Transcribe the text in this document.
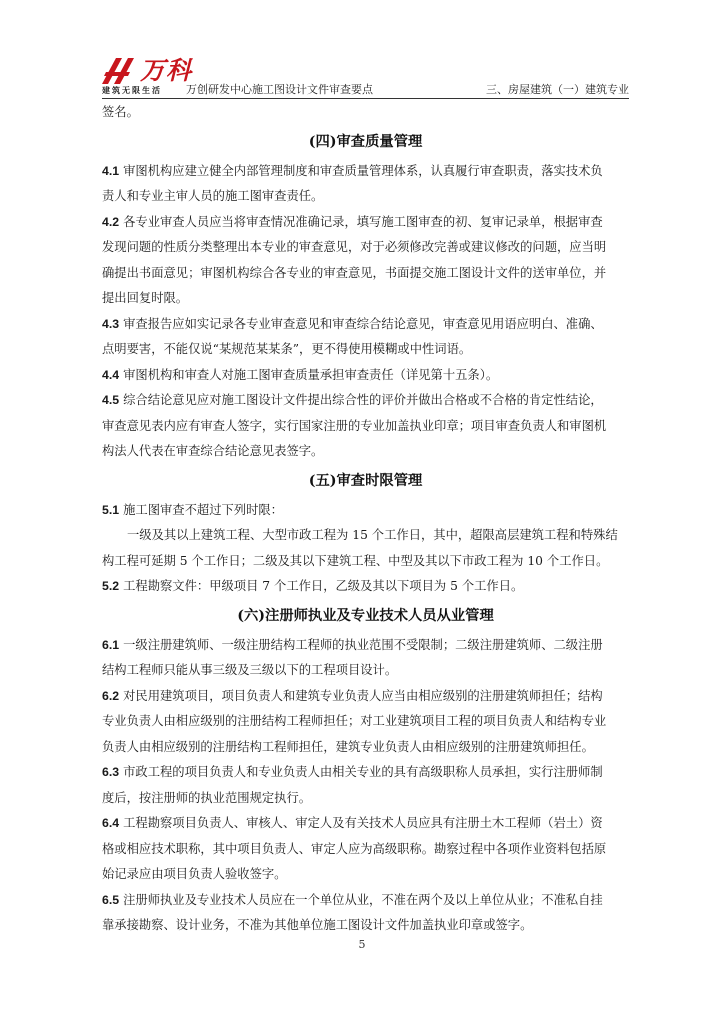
万科
建筑无限生活 万创研发中心施工图设计文件审查要点	三、房屋建筑（一）建筑专业
签名。
(四)审查质量管理
4.1 审图机构应建立健全内部管理制度和审查质量管理体系，认真履行审查职责，落实技术负
责人和专业主审人员的施工图审查责任。
4.2 各专业审查人员应当将审查情况准确记录，填写施工图审查的初、复审记录单，根据审查
发现问题的性质分类整理出本专业的审查意见，对于必须修改完善或建议修改的问题，应当明
确提出书面意见；审图机构综合各专业的审查意见，书面提交施工图设计文件的送审单位，并
提出回复时限。
4.3 审查报告应如实记录各专业审查意见和审查综合结论意见，审查意见用语应明白、准确、
点明要害，不能仅说“某规范某某条”，更不得使用模糊或中性词语。
4.4 审图机构和审查人对施工图审查质量承担审查责任（详见第十五条）。
4.5 综合结论意见应对施工图设计文件提出综合性的评价并做出合格或不合格的肯定性结论，
审查意见表内应有审查人签字，实行国家注册的专业加盖执业印章；项目审查负责人和审图机
构法人代表在审查综合结论意见表签字。
(五)审查时限管理
5.1 施工图审查不超过下列时限：
一级及其以上建筑工程、大型市政工程为 15 个工作日，其中，超限高层建筑工程和特殊结
构工程可延期 5 个工作日；二级及其以下建筑工程、中型及其以下市政工程为 10 个工作日。
5.2 工程勘察文件：甲级项目 7 个工作日，乙级及其以下项目为 5 个工作日。
(六)注册师执业及专业技术人员从业管理
6.1 一级注册建筑师、一级注册结构工程师的执业范围不受限制；二级注册建筑师、二级注册
结构工程师只能从事三级及三级以下的工程项目设计。
6.2 对民用建筑项目，项目负责人和建筑专业负责人应当由相应级别的注册建筑师担任；结构
专业负责人由相应级别的注册结构工程师担任；对工业建筑项目工程的项目负责人和结构专业
负责人由相应级别的注册结构工程师担任，建筑专业负责人由相应级别的注册建筑师担任。
6.3 市政工程的项目负责人和专业负责人由相关专业的具有高级职称人员承担，实行注册师制
度后，按注册师的执业范围规定执行。
6.4 工程勘察项目负责人、审核人、审定人及有关技术人员应具有注册土木工程师（岩土）资
格或相应技术职称，其中项目负责人、审定人应为高级职称。勘察过程中各项作业资料包括原
始记录应由项目负责人验收签字。
6.5 注册师执业及专业技术人员应在一个单位从业，不准在两个及以上单位从业；不准私自挂
靠承接勘察、设计业务，不准为其他单位施工图设计文件加盖执业印章或签字。
5
